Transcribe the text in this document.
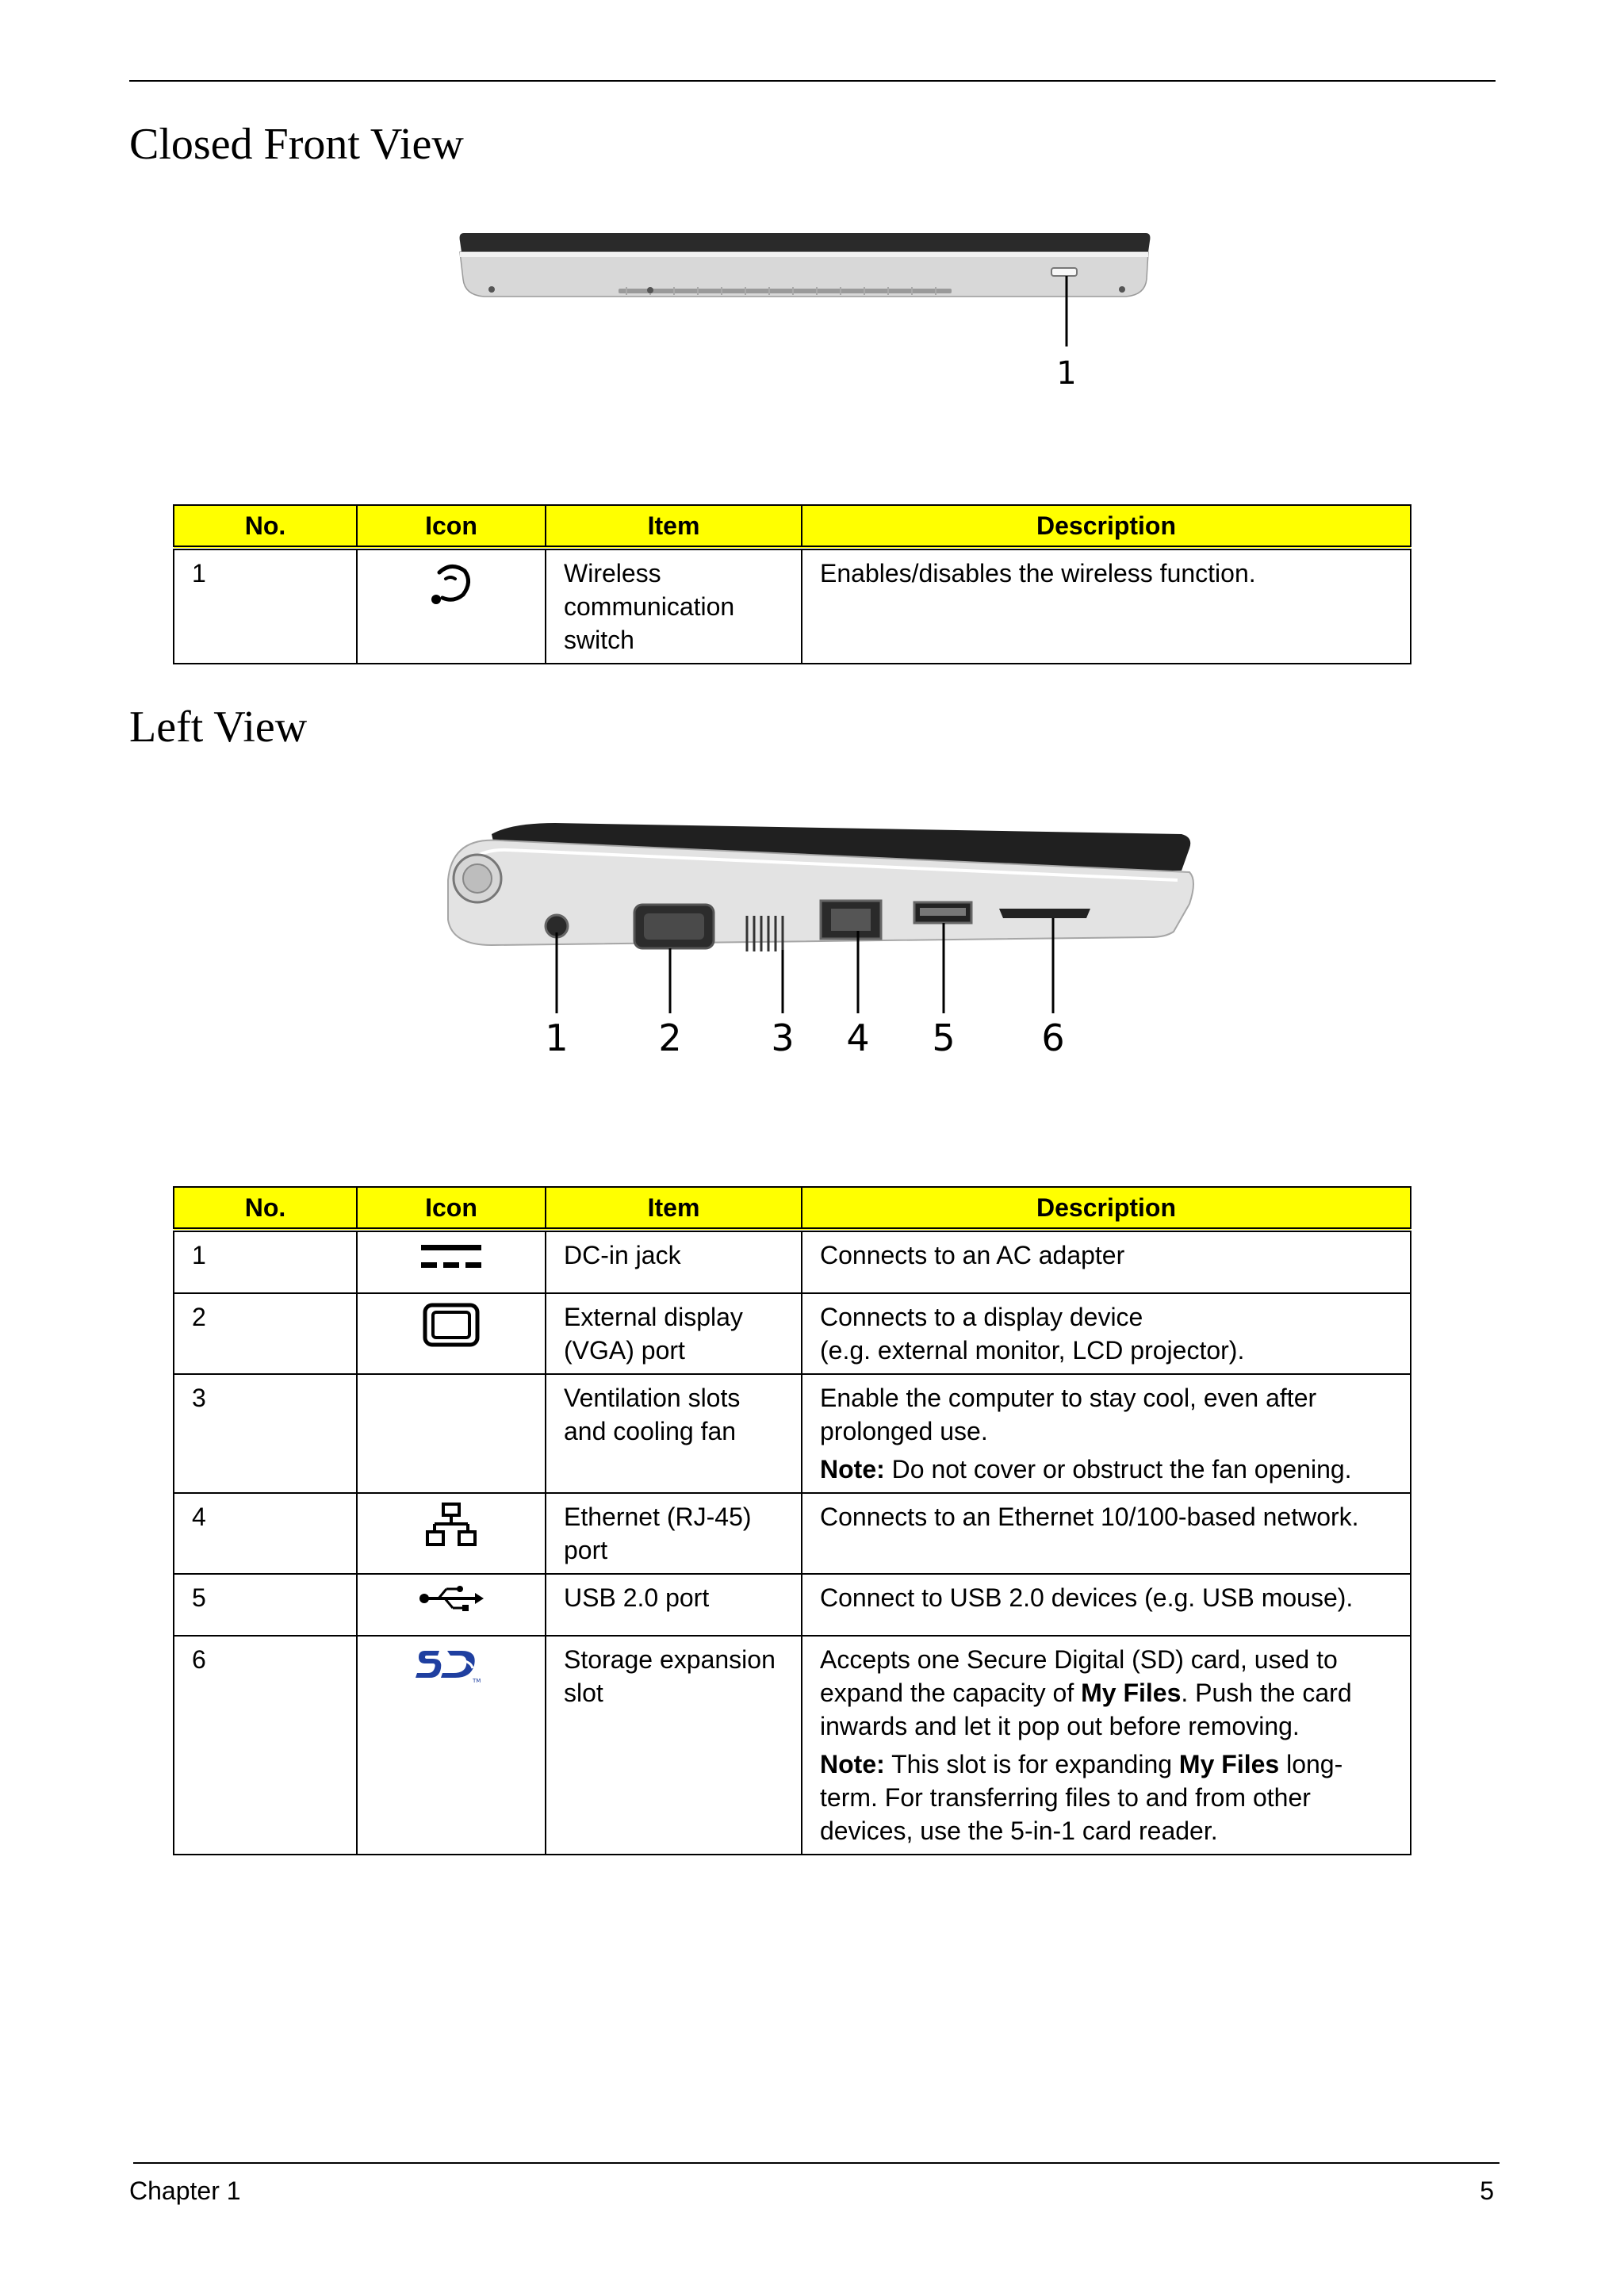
Closed Front View
1
No.	Icon	Item	Description
1		Wireless communication switch	Enables/disables the wireless function.
Left View
1 2 3 4 5 6
No.	Icon	Item	Description
1		DC-in jack	Connects to an AC adapter
2		External display (VGA) port	Connects to a display device
(e.g. external monitor, LCD projector).

3		Ventilation slots and cooling fan	Enable the computer to stay cool, even after prolonged use.
Note: Do not cover or obstruct the fan opening.

4		Ethernet (RJ-45) port	Connects to an Ethernet 10/100-based network.
5		USB 2.0 port	Connect to USB 2.0 devices (e.g. USB mouse).
6	TM	Storage expansion slot	Accepts one Secure Digital (SD) card, used to expand the capacity of My Files. Push the card inwards and let it pop out before removing.
Note: This slot is for expanding My Files long-term. For transferring files to and from other devices, use the 5-in-1 card reader.
Chapter 1	5
